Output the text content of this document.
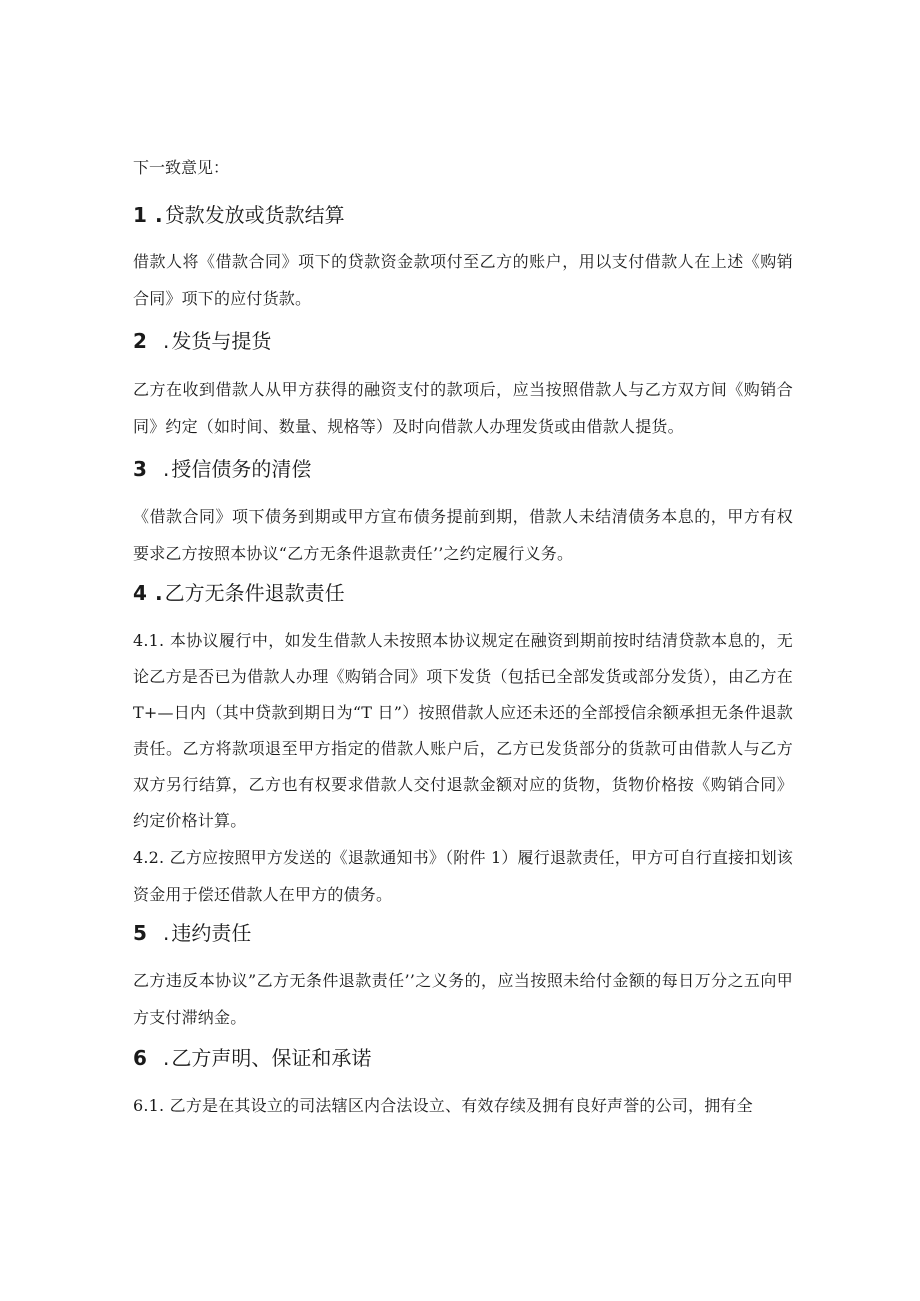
下一致意见：

1 . 贷款发放或货款结算

借款人将《借款合同》项下的贷款资金款项付至乙方的账户，用以支付借款人在上述《购销合同》项下的应付货款。

2 . 发货与提货

乙方在收到借款人从甲方获得的融资支付的款项后，应当按照借款人与乙方双方间《购销合同》约定（如时间、数量、规格等）及时向借款人办理发货或由借款人提货。

3 . 授信债务的清偿

《借款合同》项下债务到期或甲方宣布债务提前到期，借款人未结清债务本息的，甲方有权要求乙方按照本协议“乙方无条件退款责任’’之约定履行义务。

4 . 乙方无条件退款责任

4.1. 本协议履行中，如发生借款人未按照本协议规定在融资到期前按时结清贷款本息的，无论乙方是否已为借款人办理《购销合同》项下发货（包括已全部发货或部分发货），由乙方在 T+—日内（其中贷款到期日为“T 日”）按照借款人应还未还的全部授信余额承担无条件退款责任。乙方将款项退至甲方指定的借款人账户后，乙方已发货部分的货款可由借款人与乙方双方另行结算，乙方也有权要求借款人交付退款金额对应的货物，货物价格按《购销合同》约定价格计算。

4.2. 乙方应按照甲方发送的《退款通知书》（附件 1）履行退款责任，甲方可自行直接扣划该资金用于偿还借款人在甲方的债务。

5 . 违约责任

乙方违反本协议”乙方无条件退款责任’’之义务的，应当按照未给付金额的每日万分之五向甲方支付滞纳金。

6 . 乙方声明、保证和承诺

6.1. 乙方是在其设立的司法辖区内合法设立、有效存续及拥有良好声誉的公司，拥有全
